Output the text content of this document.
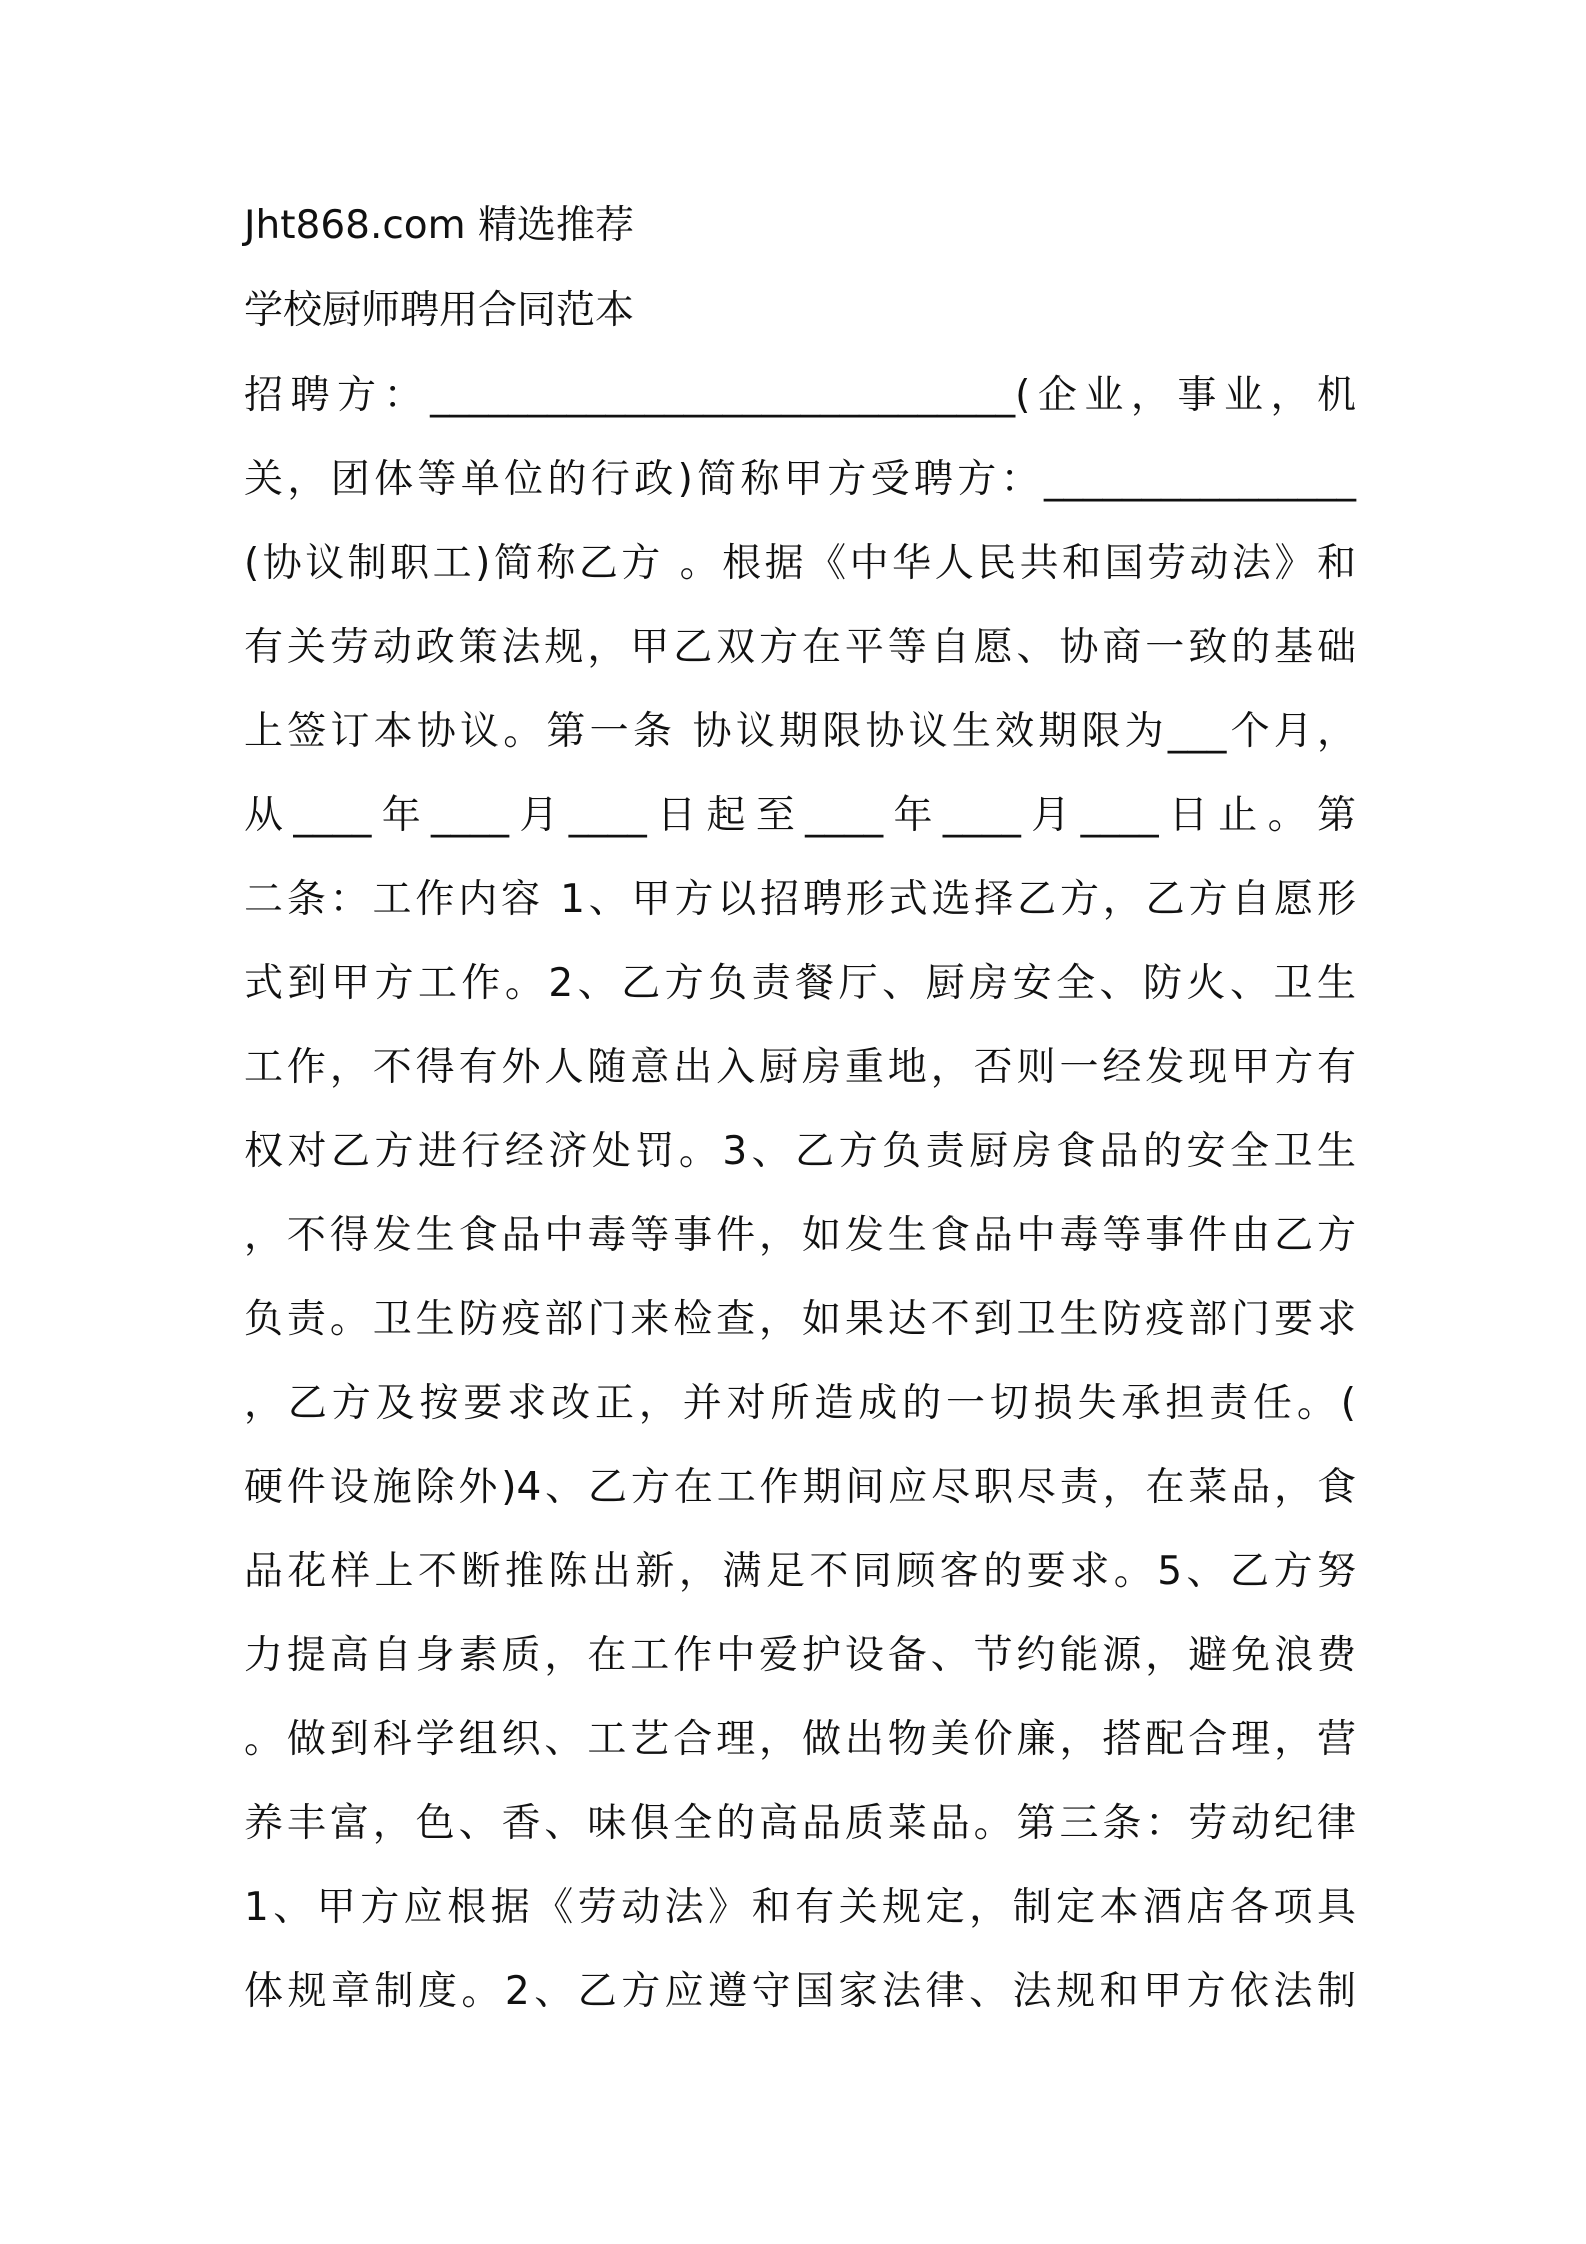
Jht868.com 精选推荐
学校厨师聘用合同范本
招聘方：______________________________(企业，事业，机
关，团体等单位的行政)简称甲方受聘方：________________
(协议制职工)简称乙方 。根据《中华人民共和国劳动法》和
有关劳动政策法规，甲乙双方在平等自愿、协商一致的基础
上签订本协议。第一条 协议期限协议生效期限为___个月，
从____年____月____日起至____年____月____日止。第
二条：工作内容 1、甲方以招聘形式选择乙方，乙方自愿形
式到甲方工作。2、乙方负责餐厅、厨房安全、防火、卫生
工作，不得有外人随意出入厨房重地，否则一经发现甲方有
权对乙方进行经济处罚。3、乙方负责厨房食品的安全卫生
，不得发生食品中毒等事件，如发生食品中毒等事件由乙方
负责。卫生防疫部门来检查，如果达不到卫生防疫部门要求
，乙方及按要求改正，并对所造成的一切损失承担责任。(
硬件设施除外)4、乙方在工作期间应尽职尽责，在菜品，食
品花样上不断推陈出新，满足不同顾客的要求。5、乙方努
力提高自身素质，在工作中爱护设备、节约能源，避免浪费
。做到科学组织、工艺合理，做出物美价廉，搭配合理，营
养丰富，色、香、味俱全的高品质菜品。第三条：劳动纪律
1、甲方应根据《劳动法》和有关规定，制定本酒店各项具
体规章制度。2、乙方应遵守国家法律、法规和甲方依法制
